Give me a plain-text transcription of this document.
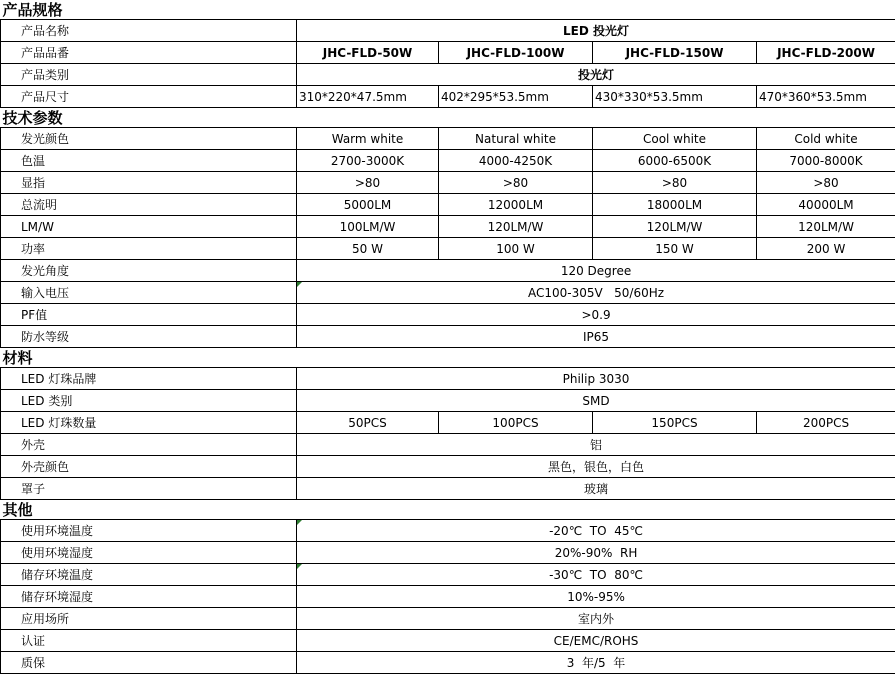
产品规格				
产品名称	LED 投光灯			
产品品番	JHC-FLD-50W	JHC-FLD-100W	JHC-FLD-150W	JHC-FLD-200W
产品类别	投光灯			
产品尺寸	310*220*47.5mm	402*295*53.5mm	430*330*53.5mm	470*360*53.5mm
技术参数				
发光颜色	Warm white	Natural white	Cool white	Cold white
色温	2700-3000K	4000-4250K	6000-6500K	7000-8000K
显指	>80	>80	>80	>80
总流明	5000LM	12000LM	18000LM	40000LM
LM/W	100LM/W	120LM/W	120LM/W	120LM/W
功率	50 W	100 W	150 W	200 W
发光角度	120 Degree			
输入电压	AC100-305V   50/60Hz			
PF值	>0.9			
防水等级	IP65			
材料				
LED 灯珠品牌	Philip 3030			
LED 类别	SMD			
LED 灯珠数量	50PCS	100PCS	150PCS	200PCS
外壳	铝			
外壳颜色	黑色，银色，白色			
罩子	玻璃			
其他				
使用环境温度	-20℃  TO  45℃			
使用环境湿度	20%-90%  RH			
储存环境温度	-30℃  TO  80℃			
储存环境湿度	10%-95%			
应用场所	室内外			
认证	CE/EMC/ROHS			
质保	3  年/5  年			
